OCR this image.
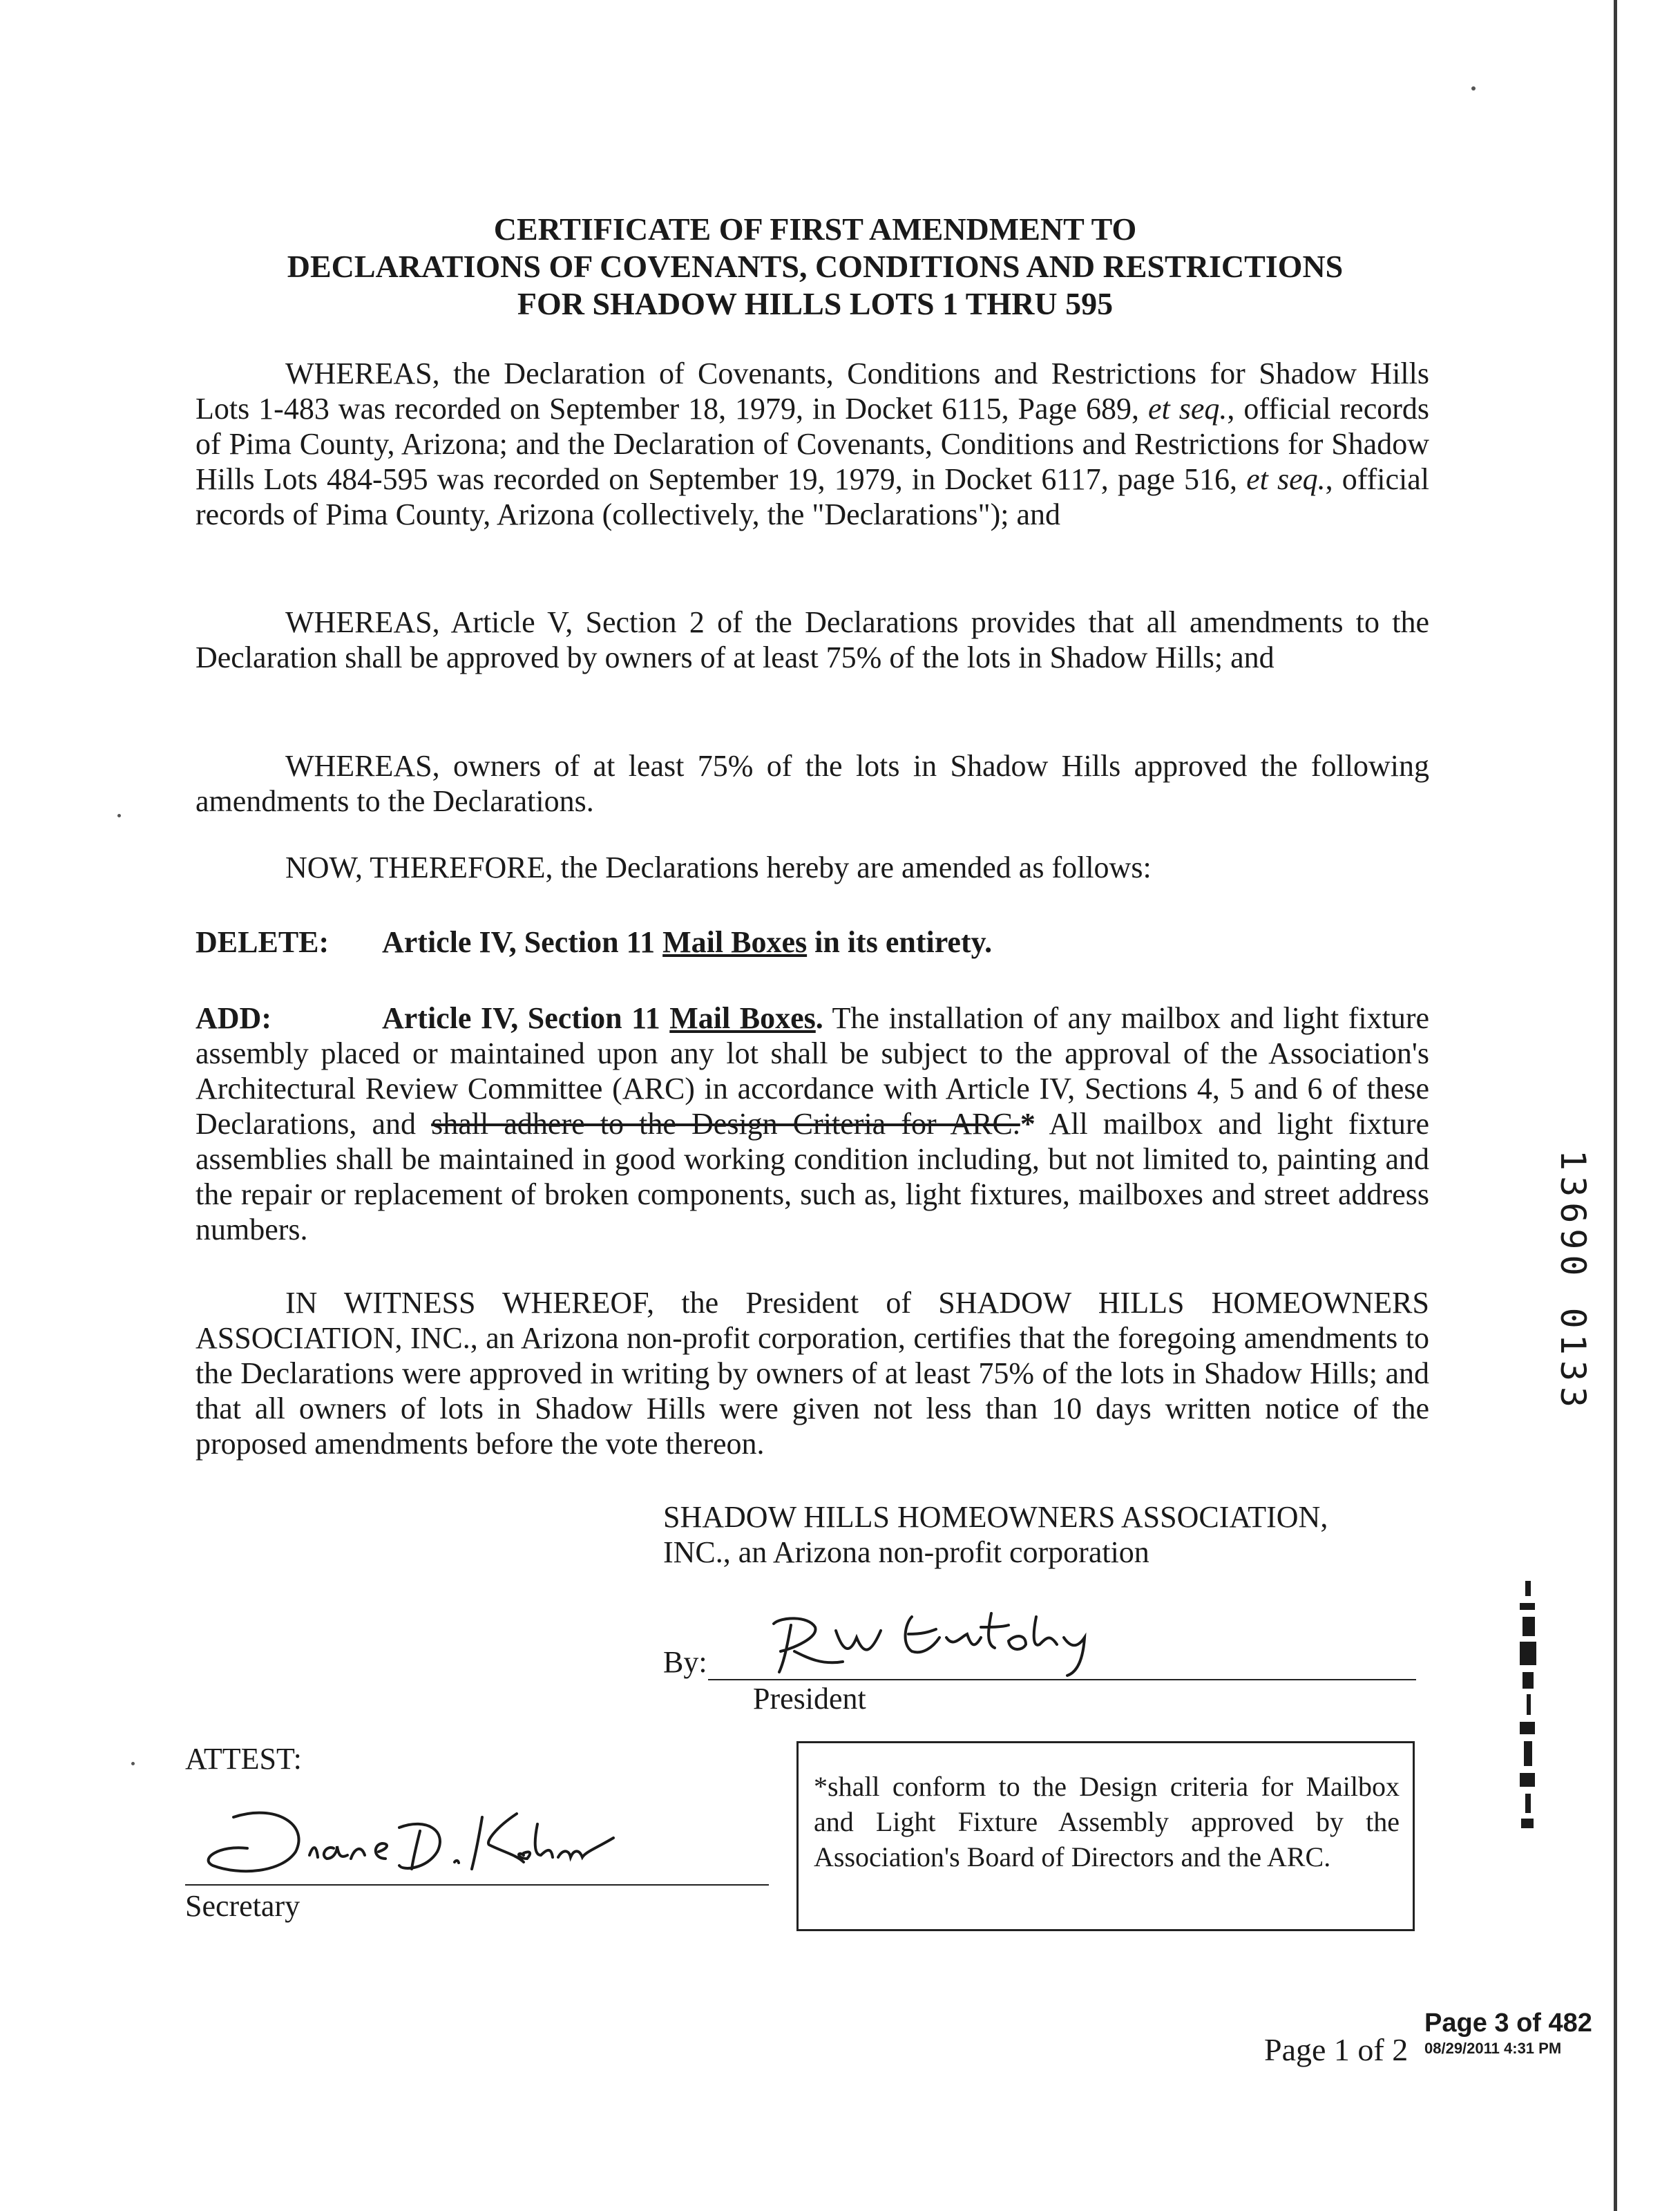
CERTIFICATE OF FIRST AMENDMENT TO
DECLARATIONS OF COVENANTS, CONDITIONS AND RESTRICTIONS
FOR SHADOW HILLS LOTS 1 THRU 595
WHEREAS, the Declaration of Covenants, Conditions and Restrictions for Shadow Hills Lots 1-483 was recorded on September 18, 1979, in Docket 6115, Page 689, et seq., official records of Pima County, Arizona; and the Declaration of Covenants, Conditions and Restrictions for Shadow Hills Lots 484-595 was recorded on September 19, 1979, in Docket 6117, page 516, et seq., official records of Pima County, Arizona (collectively, the "Declarations"); and
WHEREAS, Article V, Section 2 of the Declarations provides that all amendments to the Declaration shall be approved by owners of at least 75% of the lots in Shadow Hills; and
WHEREAS, owners of at least 75% of the lots in Shadow Hills approved the following amendments to the Declarations.
NOW, THEREFORE, the Declarations hereby are amended as follows:
DELETE: Article IV, Section 11 Mail Boxes in its entirety.
ADD:	Article IV, Section 11 Mail Boxes. The installation of any mailbox and light fixture assembly placed or maintained upon any lot shall be subject to the approval of the Association's Architectural Review Committee (ARC) in accordance with Article IV, Sections 4, 5 and 6 of these Declarations, and shall adhere to the Design Criteria for ARC.* All mailbox and light fixture assemblies shall be maintained in good working condition including, but not limited to, painting and the repair or replacement of broken components, such as, light fixtures, mailboxes and street address numbers.
IN WITNESS WHEREOF, the President of SHADOW HILLS HOMEOWNERS ASSOCIATION, INC., an Arizona non-profit corporation, certifies that the foregoing amendments to the Declarations were approved in writing by owners of at least 75% of the lots in Shadow Hills; and that all owners of lots in Shadow Hills were given not less than 10 days written notice of the proposed amendments before the vote thereon.
SHADOW HILLS HOMEOWNERS ASSOCIATION,
INC., an Arizona non-profit corporation
By:
President
ATTEST:
Secretary
*shall conform to the Design criteria for Mailbox and Light Fixture Assembly approved by the Association's Board of Directors and the ARC.
Page 1 of 2
Page 3 of 482
08/29/2011 4:31 PM
13690 0133
